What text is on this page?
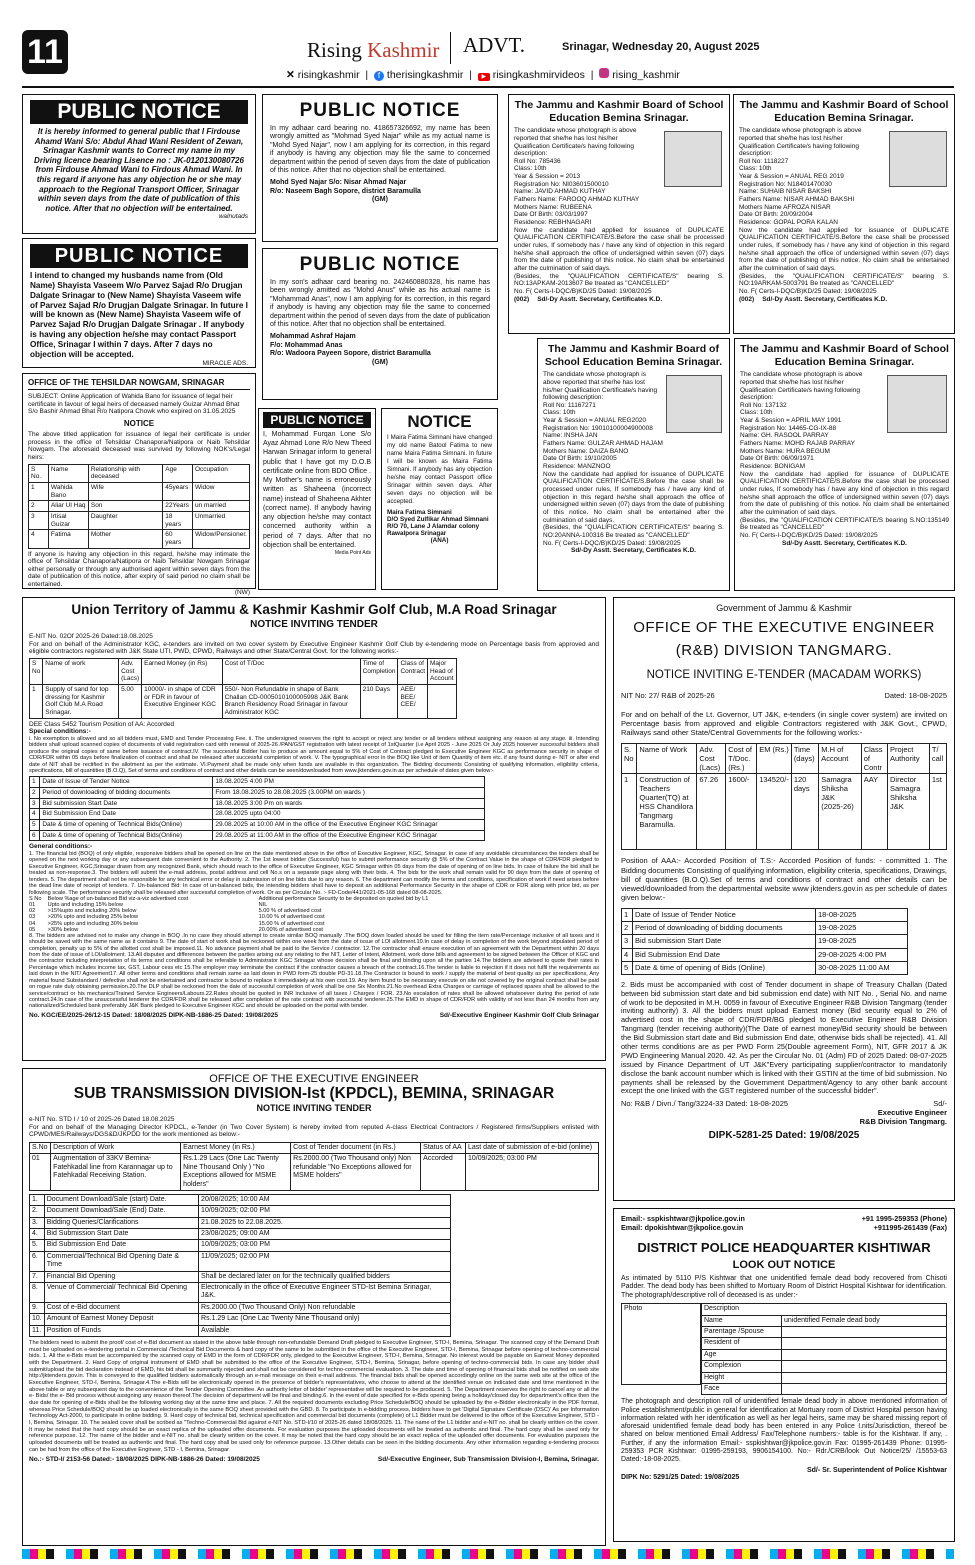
11	Rising Kashmir ADVT.	Srinagar, Wednesday 20, August 2025
✕ risingkashmir  |  f therisingkashmir  |  ▶ risingkashmirvideos  |   rising_kashmir
PUBLIC NOTICE
It is hereby informed to general public that I Firdouse Ahamd Wani S/o: Abdul Ahad Wani Resident of Zewan, Srinagar Kashmir wants to Correct my name in my Driving licence bearing Lisence no : JK-0120130080726 from Firdouse Ahmad Wani to Firdous Ahmad Wani. In this regard if anyone has any objection he or she may approach to the Regional Transport Officer, Srinagar within seven days from the date of publication of this notice. After that no objection will be entertained.
walnutads
PUBLIC NOTICE
I intend to changed my husbands name from (Old Name) Shayista Vaseem W/o Parvez Sajad R/o Drugjan Dalgate Srinagar to (New Name) Shayista Vaseem wife of Parvez Sajad R/o Drugjan Dalgate Srinagar. In future I will be known as (New Name) Shayista Vaseem wife of Parvez Sajad R/o Drugjan Dalgate Srinagar . If anybody is having any objection he/she may contact Passport Office, Srinagar I within 7 days. After 7 days no objection will be accepted.
MIRACLE ADS.
OFFICE OF THE TEHSILDAR NOWGAM, SRINAGAR
SUBJECT: Online Application of Wahida Bano for issuance of legal heir certificate in favour of legal heirs of deceased namely Guizar Ahmad Bhat S/o Bashir Ahmad Bhat R/o Natipora Chowk who expired on 31.05.2025
NOTICE
The above titled application for issuance of legal heir certificate is under process in the office of Tehsildar Chanapora/Natipora or Naib Tehsildar Nowgam. The aforesaid deceased was survived by following NOK's/Legal heirs:
S No.	Name	Relationship with deceased	Age	Occupation
1	Wahida Bano	Wife	45years	Widow
2	Aliar Ul Haq	Son	22Years	un married
3	Irtisal Guizar	Daughter	18 years	Unmarried
4	Fatima	Mother	60 years	Widow/Pensioner.
If anyone is having any objection in this regard, he/she may intimate the office of Tehsildar Chanapora/Natipora or Naib Tehsildar Nowgam Srinagar either personally or through any authorised agent within seven days from the date of publication of this notice, after expiry of said period no claim shall be entertained.
(NW)
PUBLIC NOTICE
In my adhaar card bearing no. 418657326692, my name has been wrongly amitted as "Mohmad Syed Najar" while as my actual name is "Mohd Syed Najar", now I am applying for its correction, in this regard if anybody is having any objection may file the same to concerned department within the period of seven days from the date of publication of this notice. After that no objection shall be entertained.
Mohd Syed Najar S/o: Nisar Ahmad Najar
R/o: Naseem Bagh Sopore, district Baramulla
(GM)
PUBLIC NOTICE
In my son's adhaar card bearing no. 242460880328, his name has been wrongly amitted as "Mohd Anus" while as his actual name is "Mohammad Anas", now I am applying for its correction, in this regard if anybody is having any objection may file the same to concerned department within the period of seven days from the date of publication of this notice. After that no objection shall be entertained.
Mohammad Ashraf Hajam
F/o: Mohammad Anas
R/o: Wadoora Payeen Sopore, district Baramulla
(GM)
PUBLIC NOTICE
I, Mohammad Furqan Lone S/o Ayaz Ahmad Lone R/o New Theed Harwan Srinagar inform to general public that I have got my D.O.B certificate online from BDO Office . My Mother's name is erroneously written as Shaheena (incorrect name) instead of Shaheena Akhter (correct name). If anybody having any objection he/she may contact concerned authority within a period of 7 days. After that no objection shall be entertained.
Media Point Ads
NOTICE
I Maira Fatima Simnani have changed my old name Batool Fatima to new name Maira Fatima Simnani. In future I will be known as Maira Fatima Simnani. If anybody has any objection he/she may contact Passport office Srinagar within seven days. After seven days no objection will be accepted.
Maira Fatima Simnani
D/O Syed Zulfikar Ahmad Simnani R/O 70, Lane J Alamdar colony Rawalpora Srinagar
(ANA)
The Jammu and Kashmir Board of School Education Bemina Srinagar.
The candidate whose photograph is above reported that she/he has lost his/her Qualification Certificate/s having following description:
Roll No: 785436
Class: 10th
Year & Session = 2013
Registration No: NI03601500010
Name: JAVID AHMAD KUTHAY
Fathers Name: FAROOQ AHMAD KUTHAY
Mothers Name: RUBEENA
Date Of Birth: 03/03/1997
Residence: REBHNAGARI
Now the candidate had applied for issuance of DUPLICATE QUALIFICATION CERTIFICATE/S.Before the case shall be processed under rules, If somebody has / have any kind of objection in this regard he/she shall approach the office of undersigned within seven (07) days from the date of publishing of this notice. No claim shall be entertained after the culmination of said days.
(Besides, the "QUALIFICATION CERTIFICATE/S" bearing S. NO:13APKAM-2013607 Be treated as "CANCELLED"
No. F( Certs-I-DQC/B)KD/25 Dated: 19/08/2025
(002) Sd/-Dy Asstt. Secretary, Certificates K.D.
The Jammu and Kashmir Board of School Education Bemina Srinagar.
The candidate whose photograph is above reported that she/he has lost his/her Qualification Certificate/s having following description:
Roll No: 1118227
Class: 10th
Year & Session = ANUAL REG 2019
Registration No: N18401470030
Name: SUHAIB NISAR BAKSHI
Fathers Name: NISAR AHMAD BAKSHI
Mothers Name AFROZA NISAR
Date Of Birth: 20/09/2004
Residence: GOPAL PORA KALAN
Now the candidate had applied for issuance of DUPLICATE QUALIFICATION CERTIFICATE/S.Before the case shall be processed under rules, If somebody has / have any kind of objection in this regard he/she shall approach the office of undersigned within seven (07) days from the date of publishing of this notice. No claim shall be entertained after the culmination of said days.
(Besides, the "QUALIFICATION CERTIFICATE/S" bearing S. NO:19ARKAM-5003791 Be treated as "CANCELLED"
No. F( Certs-I-DQC/B)KD/25 Dated: 19/08/2025
(002) Sd/-Dy Asstt. Secretary, Certificates K.D.
The Jammu and Kashmir Board of School Education Bemina Srinagar.
The candidate whose photograph is above reported that she/he has lost his/her Qualification Certificate/s having following description:
Roll No: 11167271
Class: 10th
Year & Session = ANUAL REG2020
Registration No: 19010100004900008
Name: INSHA JAN
Fathers Name: GULZAR AHMAD HAJAM
Mothers Name: DAIZA BANO
Date Of Birth: 19/10/2005
Residence: MANZNOO
Now the candidate had applied for issuance of DUPLICATE QUALIFICATION CERTIFICATE/S.Before the case shall be processed under rules, If somebody has / have any kind of objection in this regard he/she shall approach the office of undersigned within seven (07) days from the date of publishing of this notice. No claim shall be entertained after the culmination of said days.
(Besides, the "QUALIFICATION CERTIFICATE/S" bearing S. NO:20ANNA-100316 Be treated as "CANCELLED"
No. F( Certs-I-DQC/B)KD/25 Dated: 19/08/2025
Sd/-Dy Asstt. Secretary, Certificates K.D.
The Jammu and Kashmir Board of School Education Bemina Srinagar.
The candidate whose photograph is above reported that she/he has lost his/her Qualification Certificate/s having following description:
Roll No: 137132
Class: 10th
Year & Session = APRIL MAY 1991
Registration No: 14465-CG-IX-88
Name: GH. RASOOL PARRAY
Fathers Name: MOHD RAJAB PARRAY
Mothers Name: HURA BEGUM
Date Of Birth: 06/09/1971
Residence: BONIGAM
Now the candidate had applied for issuance of DUPLICATE QUALIFICATION CERTIFICATE/S.Before the case shall be processed under rules, If somebody has / have any kind of objection in this regard he/she shall approach the office of undersigned within seven (07) days from the date of publishing of this notice. No claim shall be entertained after the culmination of said days.
(Besides, the "QUALIFICATION CERTIFICATE/S bearing S.NO:135149 Be treated as "CANCELLED"
No. F( Certs-I-DQC/B)KD/25 Dated: 19/08/2025
Sd/-Dy Asstt. Secretary, Certificates K.D.
Union Territory of Jammu & Kashmir Kashmir Golf Club, M.A Road Srinagar
NOTICE INVITING TENDER
E-NIT No. 02Of 2025-26 Dated:18.08.2025
For and on behalf of the Administrator KGC, e-tenders are invited on two cover system by Executive Engineer Kashmir Golf Club by e-tendering mode on Percentage basis from approved and eligible contractors registered with J&K State UTI, PWD, CPWD, Railways and other State/Central Govt. for the following works:-
S No	Name of work	Adv. Cost (Lacs)	Earned Money (in Rs)	Cost of T/Doc	Time of Completion	Class of Contract	Major Head of Account
1	Supply of sand for top dressing for Kashmir Golf Club M.A Road Srinagar.	5.00	10000/- in shape of CDR or FDR in favour of Executive Engineer KGC	550/- Non Refundable in shape of Bank Challan CD-0005010100005998 J&K Bank Branch Residency Road Srinagar in favour Administrator KGC	210 Days	AEE/ BEE/ CEE/	
DEE Class 5452 Tourism Position of AA: Accorded
Special conditions:-
i. No exemption is allowed and so all bidders must, EMD and Tender Processing Fee. ii. The undersigned reserves the right to accept or reject any tender or all tenders without assigning any reason at any stage. iii. Intending bidders shall upload scanned copies of documents of valid registration card with renewal of 2025-26 /PAN/GST registration with latest receipt of 1stQuarter (i.e April 2025 - June 2025 Or July 2025 however successful bidders shall produce the original copies of same before issuance of contract.IV. The successful Bidder has to produce an amount equal to 5% of Cost of Contract pledged to Executive Engineer KGC as performance security in shape of CDR/FDR within 05 days before finalization of contract and shall be released after successful completion of work. V. The typographical error in the BOQ like Unit of item Quantity of item etc. if any found during e- NIT or after end date of NIT shall be rectified in the allotment as per the estimate. VI.Payment shall be made only when funds are available in this organization. The Bidding documents Consisting of qualifying information, eligibility criteria, specifications, bill of quantities (B.O.Q), Set of terms and conditions of contract and other details can be seen/downloaded from www.jktenders.gov.in as per schedule of dates given below:-
1	Date of Issue of Tender Notice	18.08.2025 4:00 PM
2	Period of downloading of bidding documents	From 18.08.2025 to 28.08.2025 (3.00PM on wards )
3	Bid submission Start Date	18.08.2025 3:00 Pm on wards
4	Bid Submission End Date	28.08.2025 upto 04:00
5	Date & time of opening of Technical Bids(Online)	29.08.2025 at 10:00 AM in the office of the Executive Engineer KGC Srinagar
6	Date & time of opening of Technical Bids(Online)	29.08.2025 at 11:00 AM in the office of the Executive Engineer KGC Srinagar
General conditions:-
1. The financial bid (BOQ) of only eligible, responsive bidders shall be opened on line on the date mentioned above in the office of Executive Engineer, KGC, Srinagar. In case of any avoidable circumstances the tenders shall be opened on the next working day or any subsequent date convenient to the Authority. 2. The 1st lowest bidder (Successful) has to submit performance security @ 5% of the Contract Value in the shape of CDR/FDR pledged to Executive Engineer, KGC,Srinagar drawn from any recognized Bank, which should reach to the office of Executive Engineer, KGC Srinagar within 05 days from the date of opening of on line bids. In case of failure the bid shall be treated as non-response.3. The bidders will submit the e-mail address, postal address and cell No.s on a separate page along with their bids. 4. The bids for the work shall remain valid for 90 days from the date of opening of tenders. 5. The department shall not be responsible for any technical error or delay in submission of on line bids due to any reason. 6. The department can modify the terms and conditions, specification of work if need arises before the dead line date of receipt of tenders. 7. Un-balanced Bid: In case of un-balanced bids, the intending bidders shall have to deposit an additional Performance Security in the shape of CDR or FDR along with price bid, as per following scale. The performance security shall be released after successful completion of work. Or as per Circular No. :- FD-Code/441/2021-05-168 dated 08-08-2025.
S No	Below %age of un-balanced Bid viz-a-viz advertised cost	Additional performance Security to be deposited on quoted bid by L1
01	Upto and including 15% below	NIL
02	>15%upto and including 20% below	5.00 % of advertised cost
03	>20% upto and including 25% below	10.00 % of advertised cost
04	>25% upto and including 30% below	15.00 % of advertised cost
05	>30% below	20.00% of advertised cost
8. The bidders are advised not to make any change in BOQ .In no case they should attempt to create similar BOQ manually .The BOQ down loaded should be used for filling the item rate/Percentage inclusive of all taxes and it should be saved with the same name as it contains 9. The date of start of work shall be reckoned within one week from the date of issue of LOI allotment.10.In case of delay in completion of the work beyond stipulated period of completion, penalty up to 5% of the allotted cost shall be imposed.11. No advance payment shall be paid to the Service / contractor. 12.The contractor shall ensure execution of an agreement with the Department within 20 days from the date of issue of LOI/allotment. 13.All disputes and differences between the parties arising out any relating to the NIT, Letter of Intent, Allotment, work done bills and agreement to be signed between the Officer of KGC and the contractor including interpretation of its terms and conditions shall be referable to Administrator KGC Srinagar whose decision shall be final and binding upon all the parties 14.The bidders are advised to quote their rates in Percentage which includes income tax, GST, Labour cess etc 15.The employer may terminate the contract if the contractor causes a breach of the contract.16.The tender is liable to rejection if it does not fulfil the requirements as laid down in the NIT/ Agreement17. All other terms and conditions shall remain same as laid down in PWD form-25 double PD-31.18.The Contractor is bound to work / supply the material of best quality as per specifications, Any material found Substandard / defective shall not be entertained and contractor is bound to replace it immediately at his own cost.19. Any item found to be necessary execute on site not covered by the original contract shall be paid on rogue rate duly obtaining permission.20.The DLP shall be reckoned from the date of successful completion of work shall be one Six Months.21.No overhead Extra Charges or carriage of replaced spares shall be allowed to the service/contract or his mechanics/Trained Service Engineers/Labours.22.Rates should be quoted in INR inclusive of all taxes / Charges / FOR. 23.No escalation of rates shall be allowed whatsoever during the period of rate contract.24.In case of the unsuccessful tenderer the CDR/FDR shall be released after completion of the rate contract with successful tenderer.25.The EMD in shape of CDR/FDR with validity of not less than 24 months from any nationalized/Scheduled bank preferably J&K Bank pledged to Executive Engineer KGC and should be uploaded on the portal with tender.
No. KGC/EE/2025-26/12-15 Dated: 18/08/2025 DIPK-NB-1886-25 Dated: 19/08/2025	Sd/-Executive Engineer Kashmir Golf Club Srinagar
OFFICE OF THE EXECUTIVE ENGINEER
SUB TRANSMISSION DIVISION-Ist (KPDCL), BEMINA, SRINAGAR
NOTICE INVITING TENDER
e-NIT No. STD I / 10 of 2025-26 Dated 18.08.2025
For and on behalf of the Managing Director KPDCL, e-Tender (in Two Cover System) is hereby invited from reputed A-class Electrical Contractors / Registered firms/Suppliers enlisted with CPWD/MES/Railways/DGS&D/JKPDD for the work mentioned as below:-
S.No	Description of Work	Earnest Money (in Rs.)	Cost of Tender document (in Rs.)	Status of AA	Last date of submission of e-bid (online)
01	Augmentation of 33KV Bemina-Fatehkadal line from Karannagar up to Fatehkadal Receiving Station.	Rs.1.29 Lacs (One Lac Twenty Nine Thousand Only ) "No Exceptions allowed for MSME holders"	Rs.2000.00 (Two Thousand only) Non refundable "No Exceptions allowed for MSME holders"	Accorded	10/09/2025; 03:00 PM
1.	Document Download/Sale (start) Date.	20/08/2025; 10:00 AM
2.	Document Download/Sale (End) Date.	10/09/2025; 02:00 PM
3.	Bidding Queries/Clarifications	21.08.2025 to 22.08.2025.
4.	Bid Submission Start Date	23/08/2025; 09:00 AM
5.	Bid Submission End Date	10/09/2025; 03:00 PM
6.	Commercial/Technical Bid Opening Date & Time	11/09/2025; 02:00 PM
7.	Financial Bid Opening	Shall be declared later on for the technically qualified bidders
8.	Venue of Commercial/ Technical Bid Opening	Electronically in the office of Executive Engineer STD-Ist Bemina Srinagar, J&K.
9.	Cost of e-Bid document	Rs.2000.00 (Two Thousand Only) Non refundable
10.	Amount of Earnest Money Deposit	Rs.1.29 Lac (One Lac Twenty Nine Thousand only)
11.	Position of Funds	Available
The bidders need to submit the proof/ cost of e-Bid document as stated in the above table through non-refundable Demand Draft pledged to Executive Engineer, STD-I, Bemina, Srinagar. The scanned copy of the Demand Draft must be uploaded on e-tendering portal in Commercial /Technical Bid Documents & hard copy of the same to be submitted in the office of the Executive Engineer, STD-I, Bemina, Srinagar before opening of techno-commercial bids. 1. All the e-Bids must be accompanied by the scanned copy of EMD in the form of CDR/FDR only, pledged to the Executive Engineer, STD-I, Bemina, Srinagar. No interest would be payable on Earnest Money deposited with the Department. 2. Hard Copy of original instrument of EMD shall be submitted to the office of the Executive Engineer, STD-I, Bemina, Srinagar, before opening of techno-commercial bids. In case any bidder shall submit/upload the bid declaration instead of EMD, his bid shall be summarily rejected and shall not be considered for techno-commercial evaluation. 3. The date and time of opening of financial bids shall be notified on web site http://jktenders.gov.in. This is conveyed to the qualified bidders automatically through an e-mail message on their e-mail address. The financial bids shall be opened accordingly online on the same web site at the office of the Executive Engineer, STD-I, Bemina, Srinagar.4.The e-Bids will be electronically opened in the presence of bidder's representatives, who choose to attend at the identified venue on indicated date and time mentioned in the above table or any subsequent day to the convenience of the Tender Opening Committee. An authority letter of bidder' representative will be required to be produced. 5. The Department reserves the right to cancel any or all the e- Bids/ the e- Bid process without assigning any reason thereof.The decision of department will be final and binding.6. In the event of date specified for e-Bids opening being a holiday/closed day for department's office then the due date for opening of e-Bids shall be the following working day at the same time and place. 7. All the required documents excluding Price Schedule/BOQ should be uploaded by the e-Bidder electronically in the PDF format, whereas Price Schedule/BOQ should be up loaded electronically in the same BOQ sheet provided with the GBD. 8. To participate in e-bidding process, bidders have to get 'Digital Signature Certificate (DSC)' As per Information Technology Act-2000, to participate in online bidding. 9. Hard copy of technical bid, technical specification and commercial bid documents (complete) of L1 Bidder must be delivered to the office of the Executive Engineer, STD - I, Bemina, Srinagar. 10. The sealed cover shall be scribed as "Techno-Commercial Bid against e-NIT No. STD-I/10 of 2025-26 dated 18/08/2025. 11. The name of the L1 bidder and e-NIT no. shall be clearly written on the cover. It may be noted that the hard copy should be an exact replica of the uploaded offer documents. For evaluation purposes the uploaded documents will be treated as authentic and final. The hard copy shall be used only for reference purpose. 12. The name of the bidder and e-NIT no. shall be clearly written on the cover. It may be noted that the hard copy should be an exact replica of the uploaded offer documents. For evaluation purposes the uploaded documents will be treated as authentic and final. The hard copy shall be used only for reference purpose. 13.Other details can be seen in the bidding documents. Any other information regarding e-tendering process can be had from the office of the Executive Engineer, STD - I, Bemina, Srinagar
No.:- STD-I/ 2153-56 Dated:- 18/08/2025 DIPK-NB-1886-26 Dated: 19/08/2025	Sd/-Executive Engineer, Sub Transmission Division-I, Bemina, Srinagar.
Government of Jammu & Kashmir
OFFICE OF THE EXECUTIVE ENGINEER
(R&B) DIVISION TANGMARG.
NOTICE INVITING E-TENDER (MACADAM WORKS)
NIT No: 27/ R&B of 2025-26	Dated: 18-08-2025
For and on behalf of the Lt. Governor, UT J&K, e-tenders (in single cover system) are invited on Percentage basis from approved and eligible Contractors registered with J&K Govt., CPWD, Railways sand other State/Central Governments for the following works:-
S. No	Name of Work	Adv. Cost (Lacs)	Cost of T/Doc. (Rs.)	EM (Rs.)	Time (days)	M.H of Account	Class of Contr	Project Authority	T/ call
1	Construction of Teachers Quarter(TQ) at HSS Chandilora Tangmarg Baramulla.	67.26	1600/-	134520/-	120 days	Samagra Shiksha J&K (2025-26)	AAY	Director Samagra Shiksha J&K	1st
Position of AAA:- Accorded Position of T.S:- Accorded Position of funds: - committed 1. The Bidding documents Consisting of qualifying information, eligibility criteria, specifications, Drawings, bill of quantities (B.O.Q).Set of terms and conditions of contract and other details can be viewed/downloaded from the departmental website www jktenders.gov.in as per schedule of dates given below:-
1	Date of Issue of Tender Notice	18-08-2025
2	Period of downloading of bidding documents	19-08-2025
3	Bid submission Start Date	19-08-2025
4	Bid Submission End Date	29-08-2025 4:00 PM
5	Date & time of opening of Bids (Online)	30-08-2025 11:00 AM
2. Bids must be accompanied with cost of Tender document in shape of Treasury Challan (Dated between bid submission start date and bid submission end date) with NIT No. , Serial No. and name of work to be deposited in M.H. 0059 in favour of Executive Engineer R&B Division Tangmarg (tender inviting authority) 3. All the bidders must upload Earnest money (Bid security equal to 2% of advertised cost in the shape of CDR/FDR/BG pledged to Executive Engineer R&B Division Tangmarg (tender receiving authority)(The Date of earnest money/Bid security should be between the Bid Submission start date and Bid submission End date, otherwise bids shall be rejected). 41. All other terms conditions are as per PWD Form 25(Double agreement Form), NIT, GFR 2017 & JK PWD Engineering Manual 2020. 42. As per the Circular No. 01 (Adm) FD of 2025 Dated: 08-07-2025 issued by Finance Department of UT J&K"Every participating supplier/contractor to mandatorily disclose the bank account number which is linked with their GSTIN at the time of bid submission. No payments shall be released by the Government Department/Agency to any other bank account except the one linked with the GST registered number of the successful bidder".
No: R&B / Divn./ Tang/3224-33 Dated: 18-08-2025	Sd/-
Executive Engineer
R&B Division Tangmarg.
DIPK-5281-25 Dated: 19/08/2025
Email:- sspkishtwar@jkpolice.gov.in	+91 1995-259353 (Phone)
Email: dpokishtwar@jkpolice.gov.in	+911995-261439 (Fax)
DISTRICT POLICE HEADQUARTER KISHTIWAR
LOOK OUT NOTICE
As intimated by 5110 P/S Kishtwar that one unidentified female dead body recovered from Chisoti Padder. The dead body has been shifted to Mortuary Room of District Hospital Kishtwar for identification. The photograph/descriptive roll of deceased is as under:-
Photo	Description	
Name	unidentified Female dead body
Parentage /Spouse	
Resident of	
Age	
Complexion	
Height	
Face	
The photograph and description roll of unidentified female dead body in above mentioned information of Police establishment/public in general for identification at Mortuary room of District Hospital person having information related with her identification as well as her legal heirs, same may be shared missing report of aforesaid unidentified female dead body has been entered in any Police I.nits/Jurisdiction, thereof be shared on below mentioned Email Address/ Fax/Telephone numbers:- table is for the Kishtwar. If any, . Further, if any the information Email:- sspkishtwar@jkpolice.gov.in Fax: 01995-261439 Phone: 01995-259353 PCR Kishtwar: 01995-259193, 9906154100. No:- Rdr./CRB/look Out Notice/25/ /15553-63 Dated:-18-08-2025.
Sd/- Sr. Superintendent of Police Kishtwar
DIPK No: 5291/25 Dated: 19/08/2025
